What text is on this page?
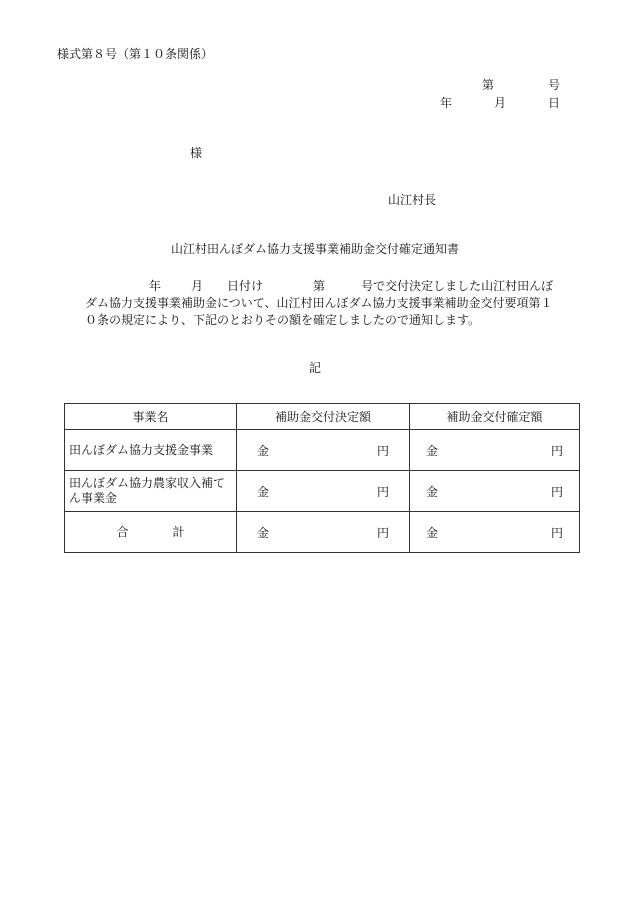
様式第８号（第１０条関係）
第	号
年	月	日
様
山江村長
山江村田んぼダム協力支援事業補助金交付確定通知書
年	月 日付け	第	号で交付決定しました山江村田んぼダム協力支援事業補助金について、山江村田んぼダム協力支援事業補助金交付要項第１０条の規定により、下記のとおりその額を確定しましたので通知します。
記
事業名	補助金交付決定額	補助金交付確定額
田んぼダム協力支援金事業	金 円	金 円

田んぼダム協力農家収入補てん事業金	金 円	金 円

合 計	金 円	金 円
